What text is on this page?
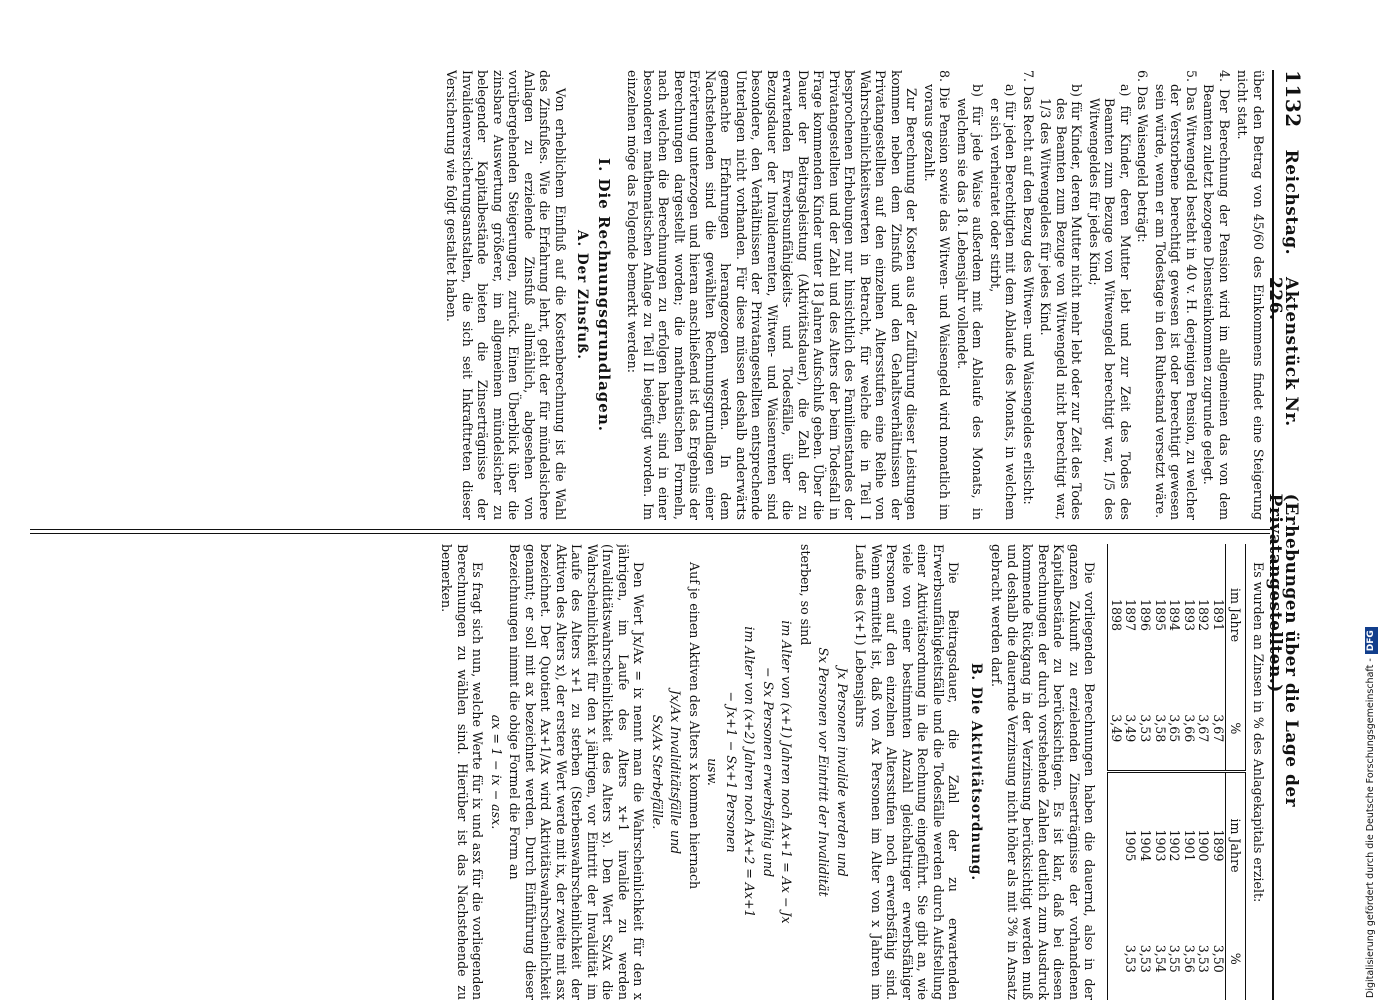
1132
Reichstag.
Aktenstück Nr. 226.
(Erhebungen über die Lage der Privatangestellten.)

über den Betrag von 45/60 des Einkommens findet eine Steigerung nicht statt.

4. Der Berechnung der Pension wird im allgemeinen das von dem Beamten zuletzt bezogene Diensteinkommen zugrunde gelegt.

5. Das Witwengeld besteht in 40 v. H. derjenigen Pension, zu welcher der Verstorbene berechtigt gewesen ist oder berechtigt gewesen sein würde, wenn er am Todestage in den Ruhestand versetzt wäre.

6. Das Waisengeld beträgt:

a) für Kinder, deren Mutter lebt und zur Zeit des Todes des Beamten zum Bezuge von Witwengeld berechtigt war, 1/5 des Witwengeldes für jedes Kind;

b) für Kinder, deren Mutter nicht mehr lebt oder zur Zeit des Todes des Beamten zum Bezuge von Witwengeld nicht berechtigt war, 1/3 des Witwengeldes für jedes Kind.

7. Das Recht auf den Bezug des Witwen- und Waisengeldes erlischt:

a) für jeden Berechtigten mit dem Ablaufe des Monats, in welchem er sich verheiratet oder stirbt,

b) für jede Waise außerdem mit dem Ablaufe des Monats, in welchem sie das 18. Lebensjahr vollendet.

8. Die Pension sowie das Witwen- und Waisengeld wird monatlich im voraus gezahlt.

Zur Berechnung der Kosten aus der Zuführung dieser Leistungen kommen neben dem Zinsfuß und den Gehaltsverhältnissen der Privatangestellten auf den einzelnen Altersstufen eine Reihe von Wahrscheinlichkeitswerten in Betracht, für welche die in Teil I besprochenen Erhebungen nur hinsichtlich des Familienstandes der Privatangestellten und der Zahl und des Alters der beim Todesfall in Frage kommenden Kinder unter 18 Jahren Aufschluß geben. Über die Dauer der Beitragsleistung (Aktivitätsdauer), die Zahl der zu erwartenden Erwerbsunfähigkeits- und Todesfälle, über die Bezugsdauer der Invalidenrenten, Witwen- und Waisenrenten sind besondere, den Verhältnissen der Privatangestellten entsprechende Unterlagen nicht vorhanden. Für diese müssen deshalb anderwärts gemachte Erfahrungen herangezogen werden. In dem Nachstehenden sind die gewählten Rechnungsgrundlagen einer Erörterung unterzogen und hieran anschließend ist das Ergebnis der Berechnungen dargestellt worden; die mathematischen Formeln, nach welchen die Berechnungen zu erfolgen haben, sind in einer besonderen mathematischen Anlage zu Teil II beigefügt worden. Im einzelnen möge das Folgende bemerkt werden:

I. Die Rechnungsgrundlagen.
A. Der Zinsfuß.

Von erheblichem Einfluß auf die Kostenberechnung ist die Wahl des Zinsfußes. Wie die Erfahrung lehrt, geht der für mündelsichere Anlagen zu erzielende Zinsfuß allmählich, abgesehen von vorübergehenden Steigerungen, zurück. Einen Überblick über die zinsbare Auswertung größerer, im allgemeinen mündelsicher zu belegender Kapitalbestände bieten die Zinserträgnisse der Invalidenversicherungsanstalten, die sich seit Inkrafttreten dieser Versicherung wie folgt gestaltet haben.

Es wurden an Zinsen in % des Anlagekapitals erzielt:

im Jahre	%	im Jahre	%
1891	3,67	1899	3,50
1892	3,67	1900	3,53
1893	3,66	1901	3,56
1894	3,65	1902	3,55
1895	3,58	1903	3,54
1896	3,53	1904	3,53
1897	3,49	1905	3,53
1898	3,49		

Die vorliegenden Berechnungen haben die dauernd, also in der ganzen Zukunft zu erzielenden Zinserträgnisse der vorhandenen Kapitalbestände zu berücksichtigen. Es ist klar, daß bei diesen Berechnungen der durch vorstehende Zahlen deutlich zum Ausdruck kommende Rückgang in der Verzinsung berücksichtigt werden muß und deshalb die dauernde Verzinsung nicht höher als mit 3% in Ansatz gebracht werden darf.

B. Die Aktivitätsordnung.

Die Beitragsdauer, die Zahl der zu erwartenden Erwerbsunfähigkeitsfälle und die Todesfälle werden durch Aufstellung einer Aktivitätsordnung in die Rechnung eingeführt. Sie gibt an, wie viele von einer bestimmten Anzahl gleichaltriger erwerbsfähiger Personen auf den einzelnen Altersstufen noch erwerbsfähig sind. Wenn ermittelt ist, daß von Ax Personen im Alter von x Jahren im Laufe des (x+1) Lebensjahrs

Jx Personen invalide werden und

Sx Personen vor Eintritt der Invalidität

sterben, so sind

im Alter von (x+1) Jahren noch Ax+1 = Ax − Jx

− Sx Personen erwerbsfähig und

im Alter von (x+2) Jahren noch Ax+2 = Ax+1

− Jx+1 − Sx+1 Personen

usw.

Auf je einen Aktiven des Alters x kommen hiernach

Jx/Ax Invaliditätsfälle und

Sx/Ax Sterbefälle.

Den Wert Jx/Ax = ix nennt man die Wahrscheinlichkeit für den x jährigen, im Laufe des Alters x+1 invalide zu werden (Invaliditätswahrscheinlichkeit des Alters x). Den Wert Sx/Ax die Wahrscheinlichkeit für den x jährigen, vor Eintritt der Invalidität im Laufe des Alters x+1 zu sterben (Sterbenswahrscheinlichkeit der Aktiven des Alters x), der erstere Wert werde mit ix, der zweite mit asx bezeichnet. Der Quotient Ax+1/Ax wird Aktivitätswahrscheinlichkeit genannt; er soll mit ax bezeichnet werden. Durch Einführung dieser Bezeichnungen nimmt die obige Formel die Form an

ax = 1 − ix − asx.

Es fragt sich nun, welche Werte für ix und asx für die vorliegenden Berechnungen zu wählen sind. Hierüber ist das Nachstehende zu bemerken.

Digitalisierung gefördert durch die Deutsche Forschungsgemeinschaft -
DFG
